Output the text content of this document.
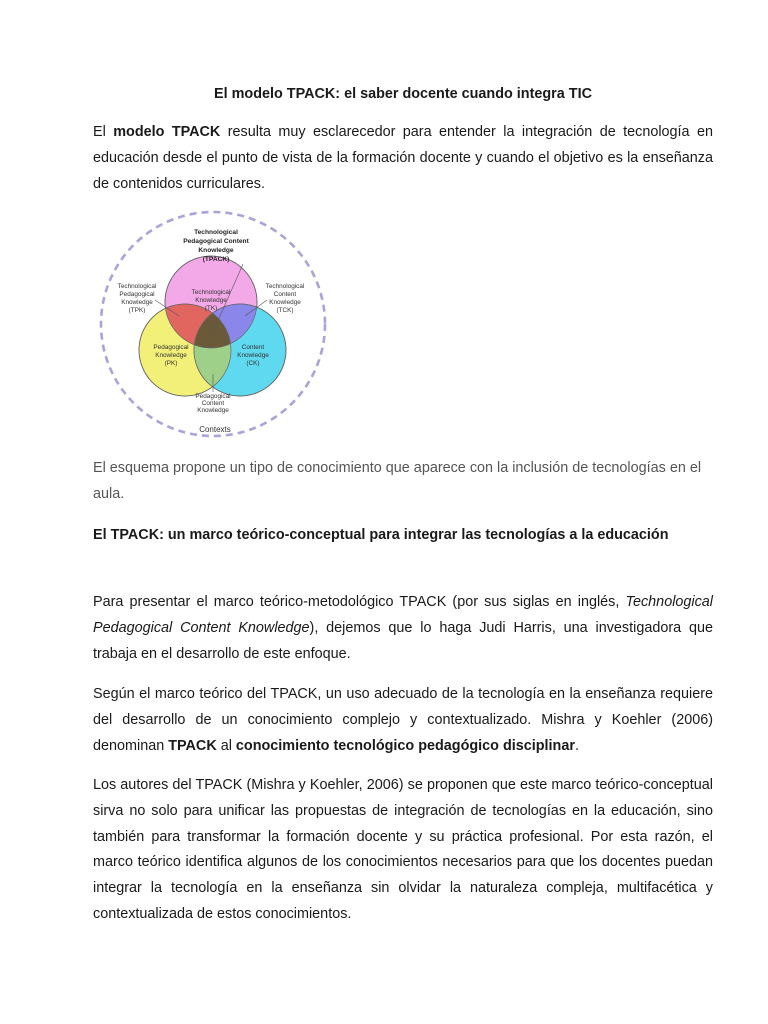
El modelo TPACK: el saber docente cuando integra TIC

El modelo TPACK resulta muy esclarecedor para entender la integración de tecnología en educación desde el punto de vista de la formación docente y cuando el objetivo es la enseñanza de contenidos curriculares.

Technological
Pedagogical Content
Knowledge
(TPACK)
Technological
Pedagogical
Knowledge
(TPK)
Technological
Content
Knowledge
(TCK)
Technological
Knowledge
(TK)
Pedagogical
Knowledge
(PK)
Content
Knowledge
(CK)
Pedagogical
Content
Knowledge
Contexts

El esquema propone un tipo de conocimiento que aparece con la inclusión de tecnologías en el aula.

El TPACK: un marco teórico-conceptual para integrar las tecnologías a la educación

Para presentar el marco teórico-metodológico TPACK (por sus siglas en inglés, Technological Pedagogical Content Knowledge), dejemos que lo haga Judi Harris, una investigadora que trabaja en el desarrollo de este enfoque.

Según el marco teórico del TPACK, un uso adecuado de la tecnología en la enseñanza requiere del desarrollo de un conocimiento complejo y contextualizado. Mishra y Koehler (2006) denominan TPACK al conocimiento tecnológico pedagógico disciplinar.

Los autores del TPACK (Mishra y Koehler, 2006) se proponen que este marco teórico-conceptual sirva no solo para unificar las propuestas de integración de tecnologías en la educación, sino también para transformar la formación docente y su práctica profesional. Por esta razón, el marco teórico identifica algunos de los conocimientos necesarios para que los docentes puedan integrar la tecnología en la enseñanza sin olvidar la naturaleza compleja, multifacética y contextualizada de estos conocimientos.
